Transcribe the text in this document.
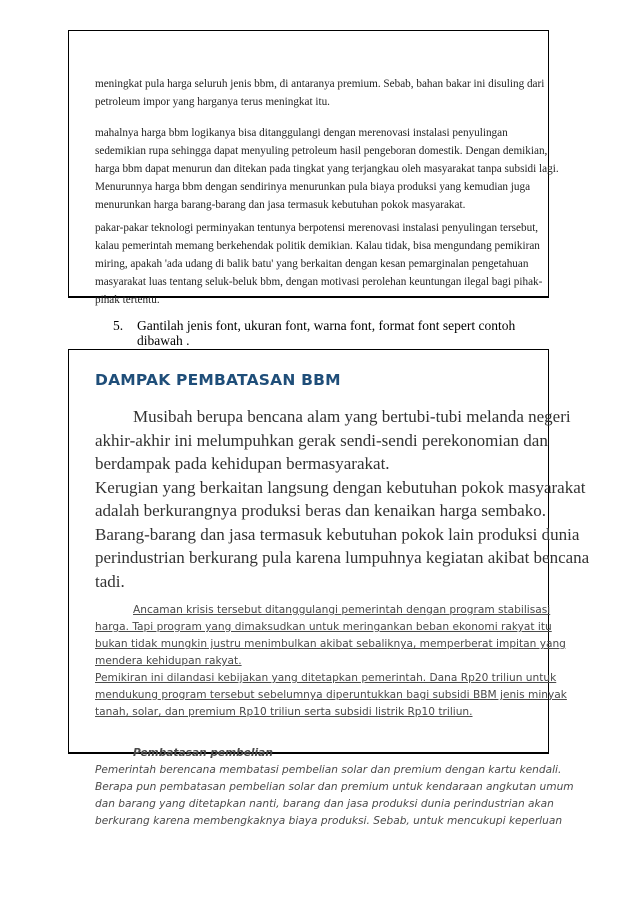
meningkat pula harga seluruh jenis bbm, di antaranya premium. Sebab, bahan bakar ini disuling dari
petroleum impor yang harganya terus meningkat itu.

mahalnya harga bbm logikanya bisa ditanggulangi dengan merenovasi instalasi penyulingan
sedemikian rupa sehingga dapat menyuling petroleum hasil pengeboran domestik. Dengan demikian,
harga bbm dapat menurun dan ditekan pada tingkat yang terjangkau oleh masyarakat tanpa subsidi lagi.
Menurunnya harga bbm dengan sendirinya menurunkan pula biaya produksi yang kemudian juga
menurunkan harga barang-barang dan jasa termasuk kebutuhan pokok masyarakat.

pakar-pakar teknologi perminyakan tentunya berpotensi merenovasi instalasi penyulingan tersebut,
kalau pemerintah memang berkehendak politik demikian. Kalau tidak, bisa mengundang pemikiran
miring, apakah 'ada udang di balik batu' yang berkaitan dengan kesan pemarginalan pengetahuan
masyarakat luas tentang seluk-beluk bbm, dengan motivasi perolehan keuntungan ilegal bagi pihak-
pihak tertentu.

5. Gantilah jenis font, ukuran font, warna font, format font sepert contoh
dibawah .
DAMPAK PEMBATASAN BBM

Musibah berupa bencana alam yang bertubi-tubi melanda negeri
akhir-akhir ini melumpuhkan gerak sendi-sendi perekonomian dan
berdampak pada kehidupan bermasyarakat.
Kerugian yang berkaitan langsung dengan kebutuhan pokok masyarakat
adalah berkurangnya produksi beras dan kenaikan harga sembako.
Barang-barang dan jasa termasuk kebutuhan pokok lain produksi dunia
perindustrian berkurang pula karena lumpuhnya kegiatan akibat bencana
tadi.

Ancaman krisis tersebut ditanggulangi pemerintah dengan program stabilisasi
harga. Tapi program yang dimaksudkan untuk meringankan beban ekonomi rakyat itu
bukan tidak mungkin justru menimbulkan akibat sebaliknya, memperberat impitan yang
mendera kehidupan rakyat.
Pemikiran ini dilandasi kebijakan yang ditetapkan pemerintah. Dana Rp20 triliun untuk
mendukung program tersebut sebelumnya diperuntukkan bagi subsidi BBM jenis minyak
tanah, solar, dan premium Rp10 triliun serta subsidi listrik Rp10 triliun.

Pembatasan pembelian

Pemerintah berencana membatasi pembelian solar dan premium dengan kartu kendali.
Berapa pun pembatasan pembelian solar dan premium untuk kendaraan angkutan umum
dan barang yang ditetapkan nanti, barang dan jasa produksi dunia perindustrian akan
berkurang karena membengkaknya biaya produksi. Sebab, untuk mencukupi keperluan
